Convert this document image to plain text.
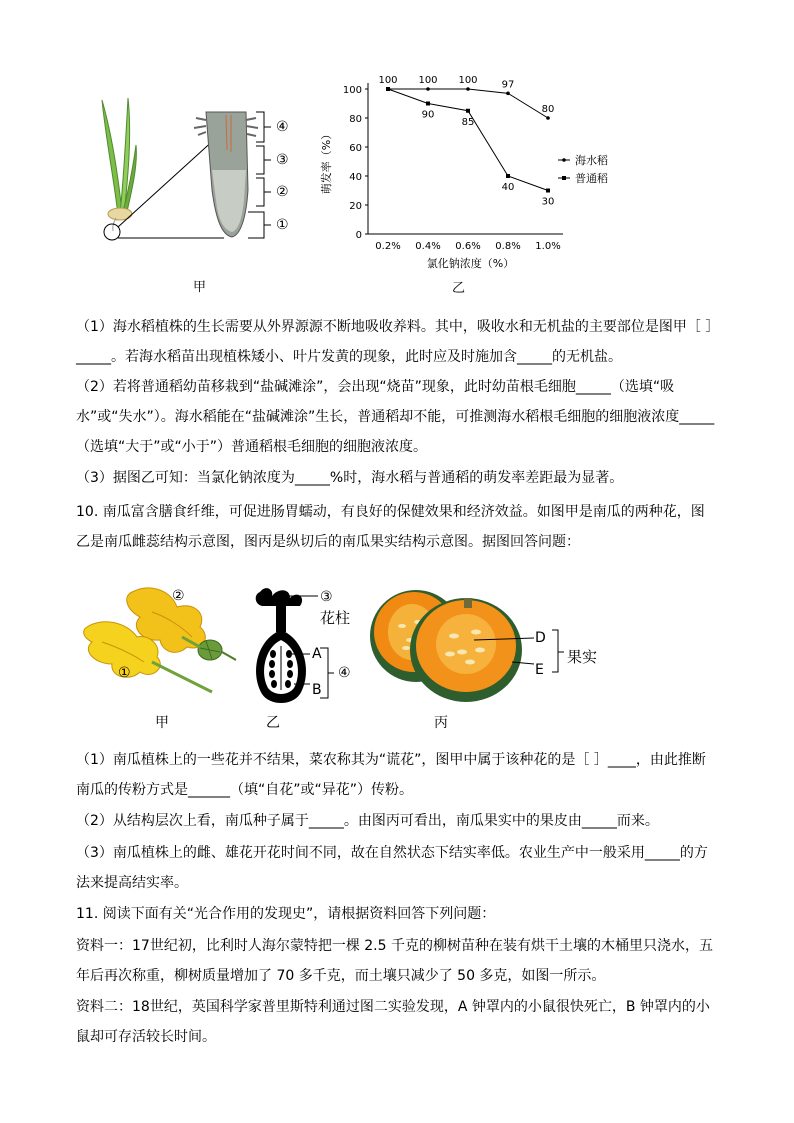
④
③
②
①
甲
0
20
40
60
80
100
0.2% 0.4% 0.6% 0.8% 1.0%
萌发率（%）
氯化钠浓度（%）
100 100 100 97
80
90
85
40
30
海水稻
普通稻
乙
（1）海水稻植株的生长需要从外界源源不断地吸收养料。其中，吸收水和无机盐的主要部位是图甲［ ］_____。若海水稻苗出现植株矮小、叶片发黄的现象，此时应及时施加含_____的无机盐。
（2）若将普通稻幼苗移栽到“盐碱滩涂”，会出现“烧苗”现象，此时幼苗根毛细胞_____（选填“吸水”或“失水”）。海水稻能在“盐碱滩涂”生长，普通稻却不能，可推测海水稻根毛细胞的细胞液浓度_____（选填“大于”或“小于”）普通稻根毛细胞的细胞液浓度。
（3）据图乙可知：当氯化钠浓度为_____%时，海水稻与普通稻的萌发率差距最为显著。
10. 南瓜富含膳食纤维，可促进肠胃蠕动，有良好的保健效果和经济效益。如图甲是南瓜的两种花，图乙是南瓜雌蕊结构示意图，图丙是纵切后的南瓜果实结构示意图。据图回答问题：
②
①
甲
③
花柱
A
B
④
乙
D
E
果实
丙
（1）南瓜植株上的一些花并不结果，菜农称其为“谎花”，图甲中属于该种花的是［ ］____，由此推断南瓜的传粉方式是______（填“自花”或“异花”）传粉。
（2）从结构层次上看，南瓜种子属于_____。由图丙可看出，南瓜果实中的果皮由_____而来。
（3）南瓜植株上的雌、雄花开花时间不同，故在自然状态下结实率低。农业生产中一般采用_____的方法来提高结实率。
11. 阅读下面有关“光合作用的发现史”，请根据资料回答下列问题：
资料一：17世纪初，比利时人海尔蒙特把一棵 2.5 千克的柳树苗种在装有烘干土壤的木桶里只浇水，五年后再次称重，柳树质量增加了 70 多千克，而土壤只减少了 50 多克，如图一所示。
资料二：18世纪，英国科学家普里斯特利通过图二实验发现，A 钟罩内的小鼠很快死亡，B 钟罩内的小鼠却可存活较长时间。
